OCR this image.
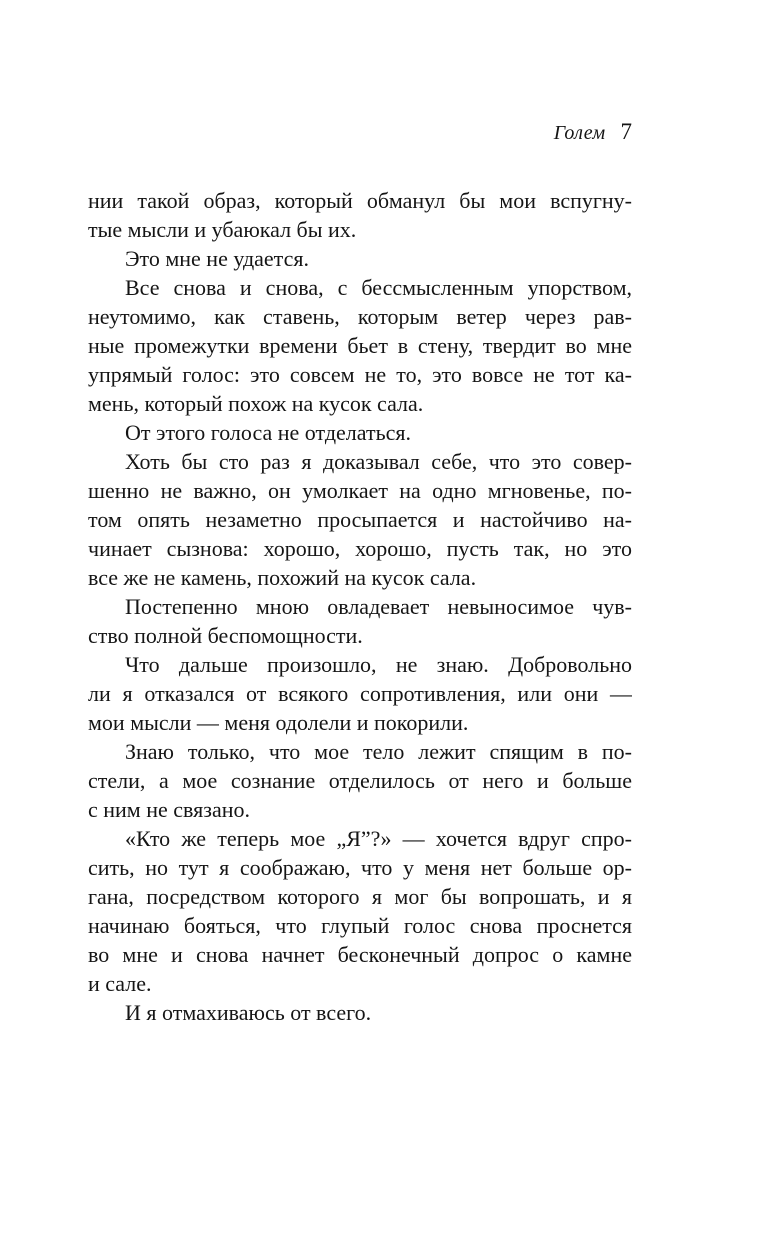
Голем 7
нии такой образ, который обманул бы мои вспугну-
тые мысли и убаюкал бы их.
Это мне не удается.
Все снова и снова, с бессмысленным упорством,
неутомимо, как ставень, которым ветер через рав-
ные промежутки времени бьет в стену, твердит во мне
упрямый голос: это совсем не то, это вовсе не тот ка-
мень, который похож на кусок сала.
От этого голоса не отделаться.
Хоть бы сто раз я доказывал себе, что это совер-
шенно не важно, он умолкает на одно мгновенье, по-
том опять незаметно просыпается и настойчиво на-
чинает сызнова: хорошо, хорошо, пусть так, но это
все же не камень, похожий на кусок сала.
Постепенно мною овладевает невыносимое чув-
ство полной беспомощности.
Что дальше произошло, не знаю. Добровольно
ли я отказался от всякого сопротивления, или они —
мои мысли — меня одолели и покорили.
Знаю только, что мое тело лежит спящим в по-
стели, а мое сознание отделилось от него и больше
с ним не связано.
«Кто же теперь мое „Я”?» — хочется вдруг спро-
сить, но тут я соображаю, что у меня нет больше ор-
гана, посредством которого я мог бы вопрошать, и я
начинаю бояться, что глупый голос снова проснется
во мне и снова начнет бесконечный допрос о камне
и сале.
И я отмахиваюсь от всего.
